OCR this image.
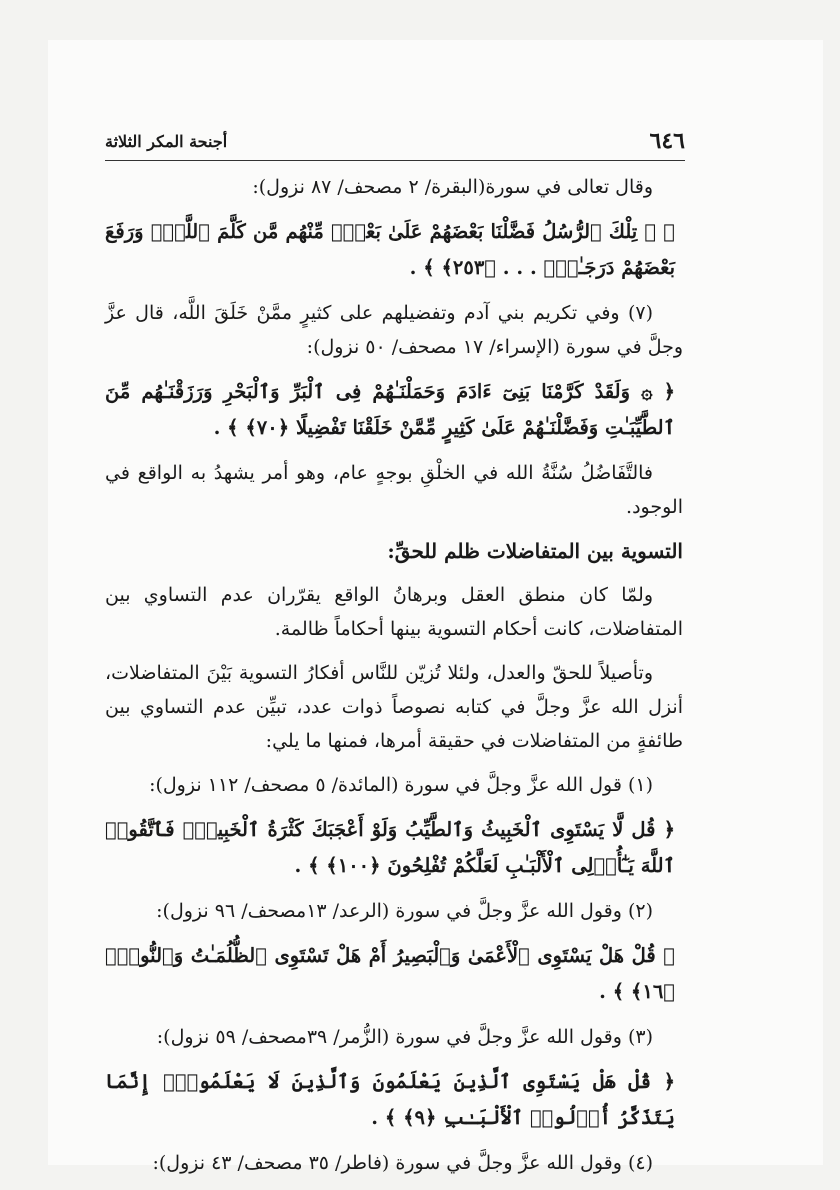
٦٤٦
أجنحة المكر الثلاثة

وقال تعالى في سورة(البقرة/ ٢ مصحف/ ٨٧ نزول):

﴿ ۞ تِلْكَ ٱلرُّسُلُ فَضَّلْنَا بَعْضَهُمْ عَلَىٰ بَعْضٍۘ مِّنْهُم مَّن كَلَّمَ ٱللَّهُۖ وَرَفَعَ بَعْضَهُمْ دَرَجَـٰتٍۚ . . . ﴿٢٥٣﴾ ﴾ .

(٧) وفي تكريم بني آدم وتفضيلهم على كثيرٍ ممَّنْ خَلَقَ اللَّه، قال عزَّ وجلَّ في سورة (الإسراء/ ١٧ مصحف/ ٥٠ نزول):

﴿ ۞ وَلَقَدْ كَرَّمْنَا بَنِىٓ ءَادَمَ وَحَمَلْنَـٰهُمْ فِى ٱلْبَرِّ وَٱلْبَحْرِ وَرَزَقْنَـٰهُم مِّنَ ٱلطَّيِّبَـٰتِ وَفَضَّلْنَـٰهُمْ عَلَىٰ كَثِيرٍ مِّمَّنْ خَلَقْنَا تَفْضِيلًا ﴿٧٠﴾ ﴾ .

فالتَّفَاضُلُ سُنَّةُ الله في الخلْقِ بوجهٍ عام، وهو أمر يشهدُ به الواقع في الوجود.

التسوية بين المتفاضلات ظلم للحقِّ:

ولمّا كان منطق العقل وبرهانُ الواقع يقرّران عدم التساوي بين المتفاضلات، كانت أحكام التسوية بينها أحكاماً ظالمة.

وتأصيلاً للحقّ والعدل، ولئلا تُزيّن للنَّاس أفكارُ التسوية بَيْنَ المتفاضلات، أنزل الله عزَّ وجلَّ في كتابه نصوصاً ذوات عدد، تبيِّن عدم التساوي بين طائفةٍ من المتفاضلات في حقيقة أمرها، فمنها ما يلي:

(١) قول الله عزَّ وجلَّ في سورة (المائدة/ ٥ مصحف/ ١١٢ نزول):

﴿ قُل لَّا يَسْتَوِى ٱلْخَبِيثُ وَٱلطَّيِّبُ وَلَوْ أَعْجَبَكَ كَثْرَةُ ٱلْخَبِيثِۚ فَٱتَّقُوا۟ ٱللَّهَ يَـٰٓأُو۟لِى ٱلْأَلْبَـٰبِ لَعَلَّكُمْ تُفْلِحُونَ ﴿١٠٠﴾ ﴾ .

(٢) وقول الله عزَّ وجلَّ في سورة (الرعد/ ١٣مصحف/ ٩٦ نزول):

﴿ قُلْ هَلْ يَسْتَوِى ٱلْأَعْمَىٰ وَٱلْبَصِيرُ أَمْ هَلْ تَسْتَوِى ٱلظُّلُمَـٰتُ وَٱلنُّورُۗ ﴿١٦﴾ ﴾ .

(٣) وقول الله عزَّ وجلَّ في سورة (الزُّمر/ ٣٩مصحف/ ٥٩ نزول):

﴿ قُلْ هَلْ يَسْتَوِى ٱلَّذِينَ يَعْلَمُونَ وَٱلَّذِينَ لَا يَعْلَمُونَۗ إِنَّمَا يَتَذَكَّرُ أُو۟لُوا۟ ٱلْأَلْبَـٰبِ ﴿٩﴾ ﴾ .

(٤) وقول الله عزَّ وجلَّ في سورة (فاطر/ ٣٥ مصحف/ ٤٣ نزول):
